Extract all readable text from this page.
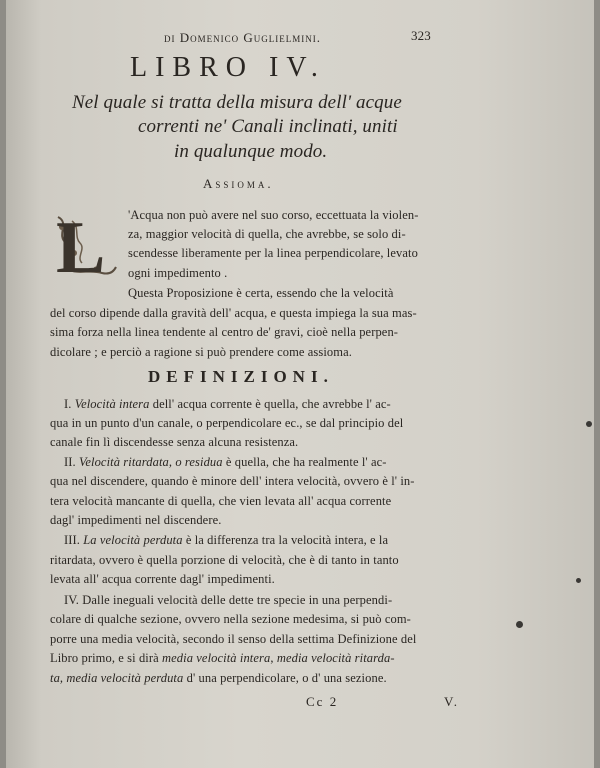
di Domenico Guglielmini.	323
LIBRO IV.
Nel quale si tratta della misura dell' acque
correnti ne' Canali inclinati, uniti
in qualunque modo.
Assioma.
L 'Acqua non può avere nel suo corso, eccettuata la violen-
za, maggior velocità di quella, che avrebbe, se solo di-
scendesse liberamente per la linea perpendicolare, levato
ogni impedimento .
Questa Proposizione è certa, essendo che la velocità
del corso dipende dalla gravità dell' acqua, e questa impiega la sua mas-
sima forza nella linea tendente al centro de' gravi, cioè nella perpen-
dicolare ; e perciò a ragione si può prendere come assioma.
DEFINIZIONI.
I. Velocità intera dell' acqua corrente è quella, che avrebbe l' ac-
qua in un punto d'un canale, o perpendicolare ec., se dal principio del
canale fin lì discendesse senza alcuna resistenza.
II. Velocità ritardata, o residua è quella, che ha realmente l' ac-
qua nel discendere, quando è minore dell' intera velocità, ovvero è l' in-
tera velocità mancante di quella, che vien levata all' acqua corrente
dagl' impedimenti nel discendere.
III. La velocità perduta è la differenza tra la velocità intera, e la
ritardata, ovvero è quella porzione di velocità, che è di tanto in tanto
levata all' acqua corrente dagl' impedimenti.
IV. Dalle ineguali velocità delle dette tre specie in una perpendi-
colare di qualche sezione, ovvero nella sezione medesima, si può com-
porre una media velocità, secondo il senso della settima Definizione del
Libro primo, e si dirà media velocità intera, media velocità ritarda-
ta, media velocità perduta d' una perpendicolare, o d' una sezione.
Cc 2	V.
